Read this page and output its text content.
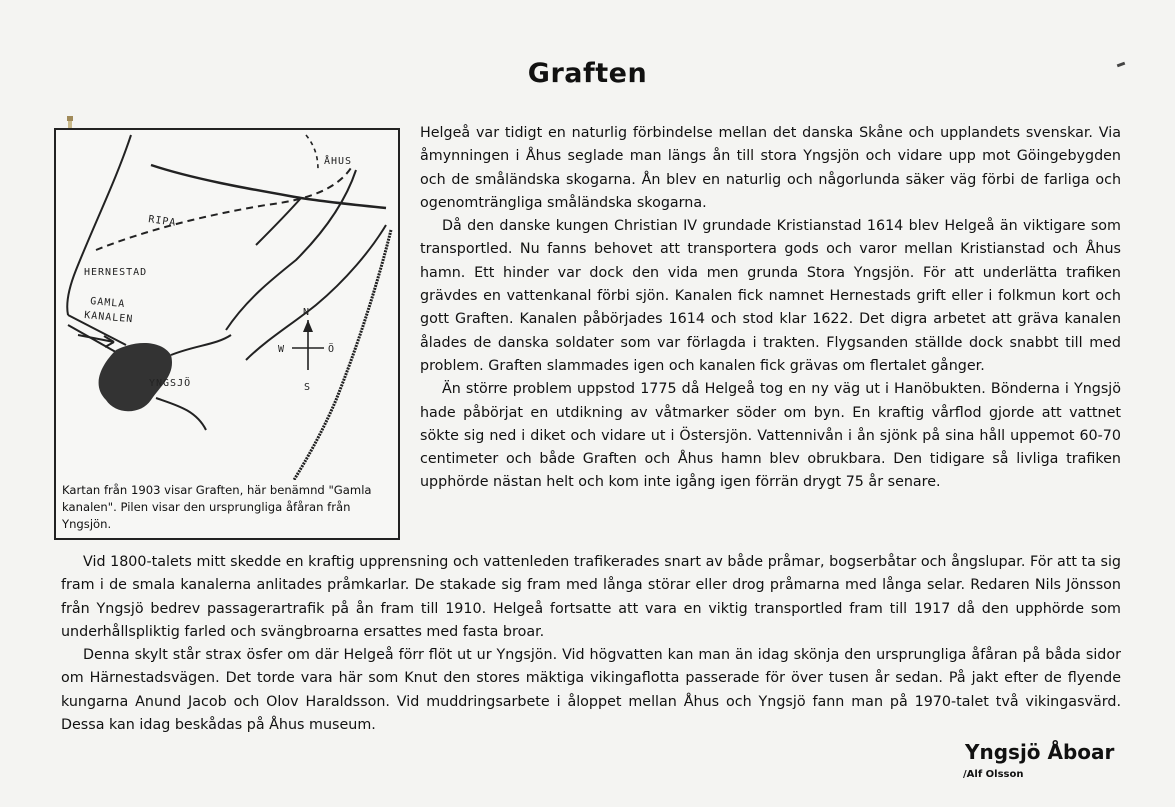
Graften
N
W	Ö
S
ÅHUS
RIPA
HERNESTAD
GAMLA
KANALEN
YNGSJÖ
Kartan från 1903 visar Graften, här benämnd "Gamla kanalen". Pilen visar den ursprungliga åfåran från Yngsjön.

Helgeå var tidigt en naturlig förbindelse mellan det danska Skåne och upplandets svenskar. Via åmynningen i Åhus seglade man längs ån till stora Yngsjön och vidare upp mot Göingebygden och de småländska skogarna. Ån blev en naturlig och någorlunda säker väg förbi de farliga och ogenomträngliga småländska skogarna.

Då den danske kungen Christian IV grundade Kristianstad 1614 blev Helgeå än viktigare som transportled. Nu fanns behovet att transportera gods och varor mellan Kristianstad och Åhus hamn. Ett hinder var dock den vida men grunda Stora Yngsjön. För att underlätta trafiken grävdes en vattenkanal förbi sjön. Kanalen fick namnet Hernestads grift eller i folkmun kort och gott Graften. Kanalen påbörjades 1614 och stod klar 1622. Det digra arbetet att gräva kanalen ålades de danska soldater som var förlagda i trakten. Flygsanden ställde dock snabbt till med problem. Graften slammades igen och kanalen fick grävas om flertalet gånger.

Än större problem uppstod 1775 då Helgeå tog en ny väg ut i Hanöbukten. Bönderna i Yngsjö hade påbörjat en utdikning av våtmarker söder om byn. En kraftig vårflod gjorde att vattnet sökte sig ned i diket och vidare ut i Östersjön. Vattennivån i ån sjönk på sina håll uppemot 60-70 centimeter och både Graften och Åhus hamn blev obrukbara. Den tidigare så livliga trafiken upphörde nästan helt och kom inte igång igen förrän drygt 75 år senare.

Vid 1800-talets mitt skedde en kraftig upprensning och vattenleden trafikerades snart av både pråmar, bogserbåtar och ångslupar. För att ta sig fram i de smala kanalerna anlitades pråmkarlar. De stakade sig fram med långa störar eller drog pråmarna med långa selar. Redaren Nils Jönsson från Yngsjö bedrev passagerartrafik på ån fram till 1910. Helgeå fortsatte att vara en viktig transportled fram till 1917 då den upphörde som underhållspliktig farled och svängbroarna ersattes med fasta broar.

Denna skylt står strax ösfer om där Helgeå förr flöt ut ur Yngsjön. Vid högvatten kan man än idag skönja den ursprungliga åfåran på båda sidor om Härnestadsvägen. Det torde vara här som Knut den stores mäktiga vikingaflotta passerade för över tusen år sedan. På jakt efter de flyende kungarna Anund Jacob och Olov Haraldsson. Vid muddringsarbete i åloppet mellan Åhus och Yngsjö fann man på 1970-talet två vikingasvärd. Dessa kan idag beskådas på Åhus museum.

Yngsjö Åboar
/Alf Olsson
